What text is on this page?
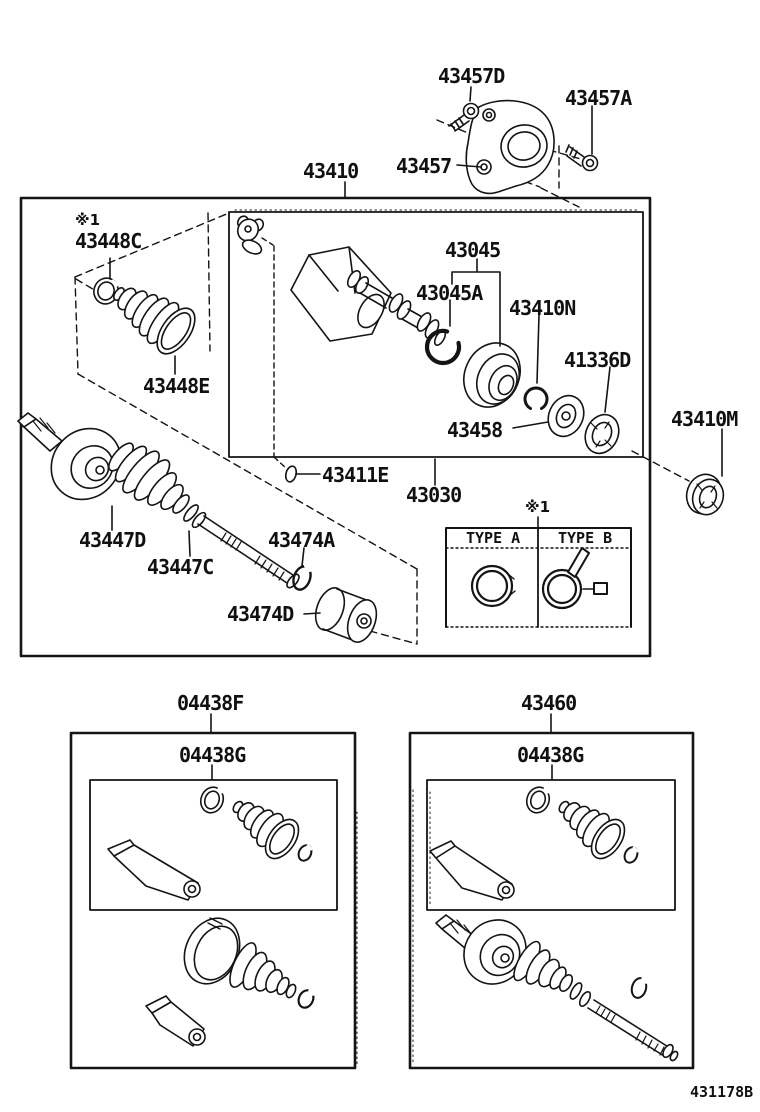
43457D
43457A
43457
43410
※1
43448C	43045
43045A
43410N
41336D
43448E
43458	43410M
43411E
43030
43447D
43447C
43474A
43474D
※1
TYPE A	TYPE B
04438F
04438G
43460
04438G
431178B
